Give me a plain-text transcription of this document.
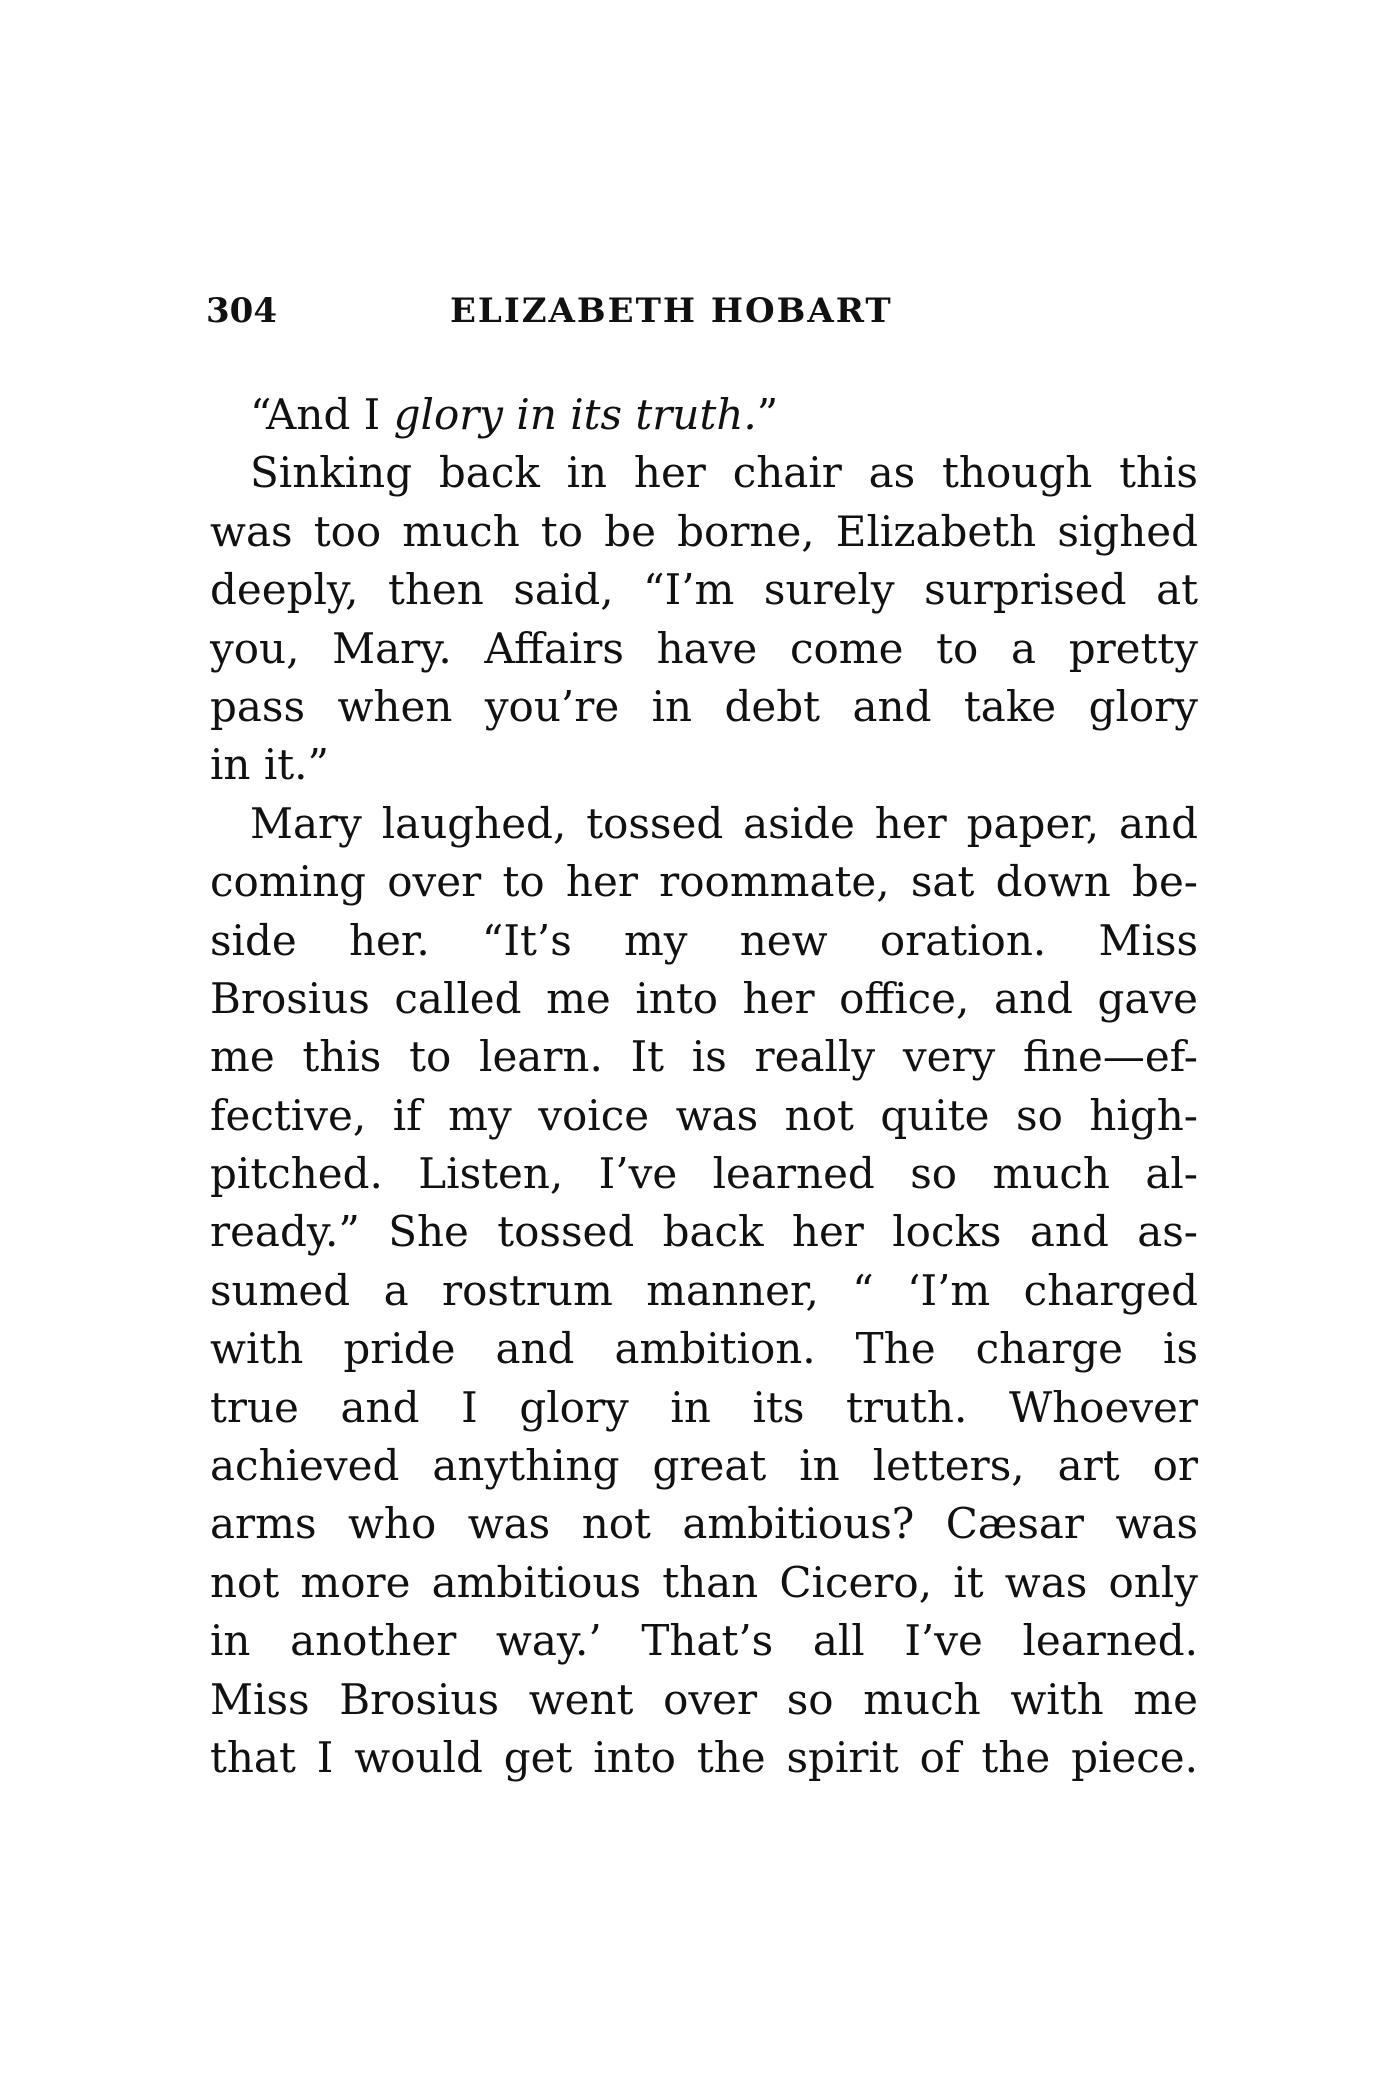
304	ELIZABETH HOBART
“And I glory in its truth.”
Sinking back in her chair as though this
was too much to be borne, Elizabeth sighed
deeply, then said, “I’m surely surprised at
you, Mary. Affairs have come to a pretty
pass when you’re in debt and take glory
in it.”
Mary laughed, tossed aside her paper, and
coming over to her roommate, sat down be-
side her. “It’s my new oration. Miss
Brosius called me into her office, and gave
me this to learn. It is really very fine—ef-
fective, if my voice was not quite so high-
pitched. Listen, I’ve learned so much al-
ready.” She tossed back her locks and as-
sumed a rostrum manner, “ ‘I’m charged
with pride and ambition. The charge is
true and I glory in its truth. Whoever
achieved anything great in letters, art or
arms who was not ambitious? Cæsar was
not more ambitious than Cicero, it was only
in another way.’ That’s all I’ve learned.
Miss Brosius went over so much with me
that I would get into the spirit of the piece.
